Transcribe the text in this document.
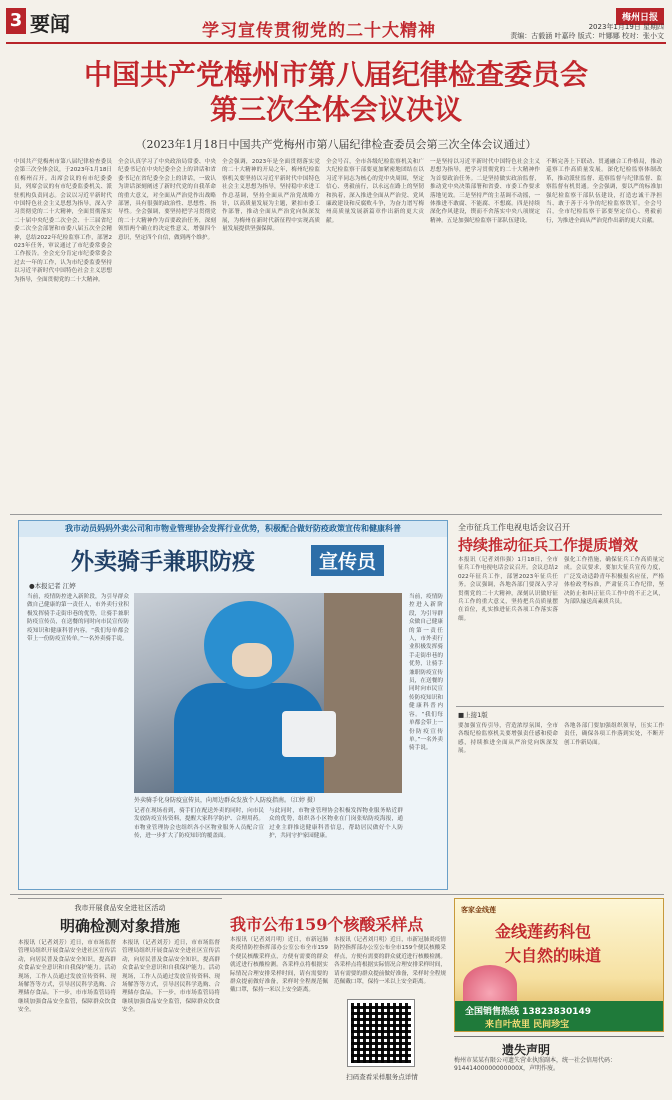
3 要闻	学习宣传贯彻党的二十大精神
梅州日报
2023年1月19日 星期四
责编：古毅涵 叶嘉玲 版式：叶娜娜 校对：张小文
中国共产党梅州市第八届纪律检查委员会
第三次全体会议决议
（2023年1月18日中国共产党梅州市第八届纪律检查委员会第三次全体会议通过）
中国共产党梅州市第八届纪律检查委员会第三次全体会议，于2023年1月18日在梅州召开。出席会议的有市纪委委员，列席会议的有市纪委监委机关、派驻机构负责同志。会议以习近平新时代中国特色社会主义思想为指导，深入学习贯彻党的二十大精神，全面贯彻落实二十届中央纪委二次全会、十三届省纪委二次全会部署和市委八届五次全会精神，总结2022年纪检监察工作，部署2023年任务，审议通过了市纪委常委会工作报告。全会充分肯定市纪委常委会过去一年的工作，认为市纪委监委坚持以习近平新时代中国特色社会主义思想为指导，全面贯彻党的二十大精神。
全会认真学习了中央政治局常委、中央纪委书记在中央纪委全会上的讲话和省委书记在省纪委全会上的讲话，一致认为讲话深刻阐述了新时代党的自我革命的重大意义，对全面从严治党作出战略部署，具有很强的政治性、思想性、指导性。全会强调，要坚持把学习贯彻党的二十大精神作为首要政治任务，深刻领悟两个确立的决定性意义，增强四个意识，坚定四个自信，做到两个维护。
全会强调，2023年是全面贯彻落实党的二十大精神的开局之年，梅州纪检监察机关要坚持以习近平新时代中国特色社会主义思想为指导，坚持稳中求进工作总基调，坚持全面从严治党战略方针，以高质量发展为主题，紧扣市委工作部署，推动全面从严治党向纵深发展，为梅州在新时代新征程中实现高质量发展提供坚强保障。
全会号召，全市各级纪检监察机关和广大纪检监察干部要更加紧密地团结在以习近平同志为核心的党中央周围，坚定信心、勇毅前行，以永远在路上的坚韧和执着，深入推进全面从严治党、党风廉政建设和反腐败斗争，为奋力谱写梅州高质量发展新篇章作出新的更大贡献。
一是坚持以习近平新时代中国特色社会主义思想为指导，把学习贯彻党的二十大精神作为首要政治任务。二是坚持做实政治监督，推动党中央决策部署和省委、市委工作要求落地见效。三是坚持严的主基调不动摇，一体推进不敢腐、不能腐、不想腐。四是持续深化作风建设，锲而不舍落实中央八项规定精神。五是加强纪检监察干部队伍建设。
不断完善上下联动、贯通融合工作格局，推动巡察工作高质量发展。深化纪检监察体制改革，推动派驻监督、巡察监督与纪律监督、监察监督有机贯通。全会强调，要以严的标准加强纪检监察干部队伍建设，打造忠诚干净担当、敢于善于斗争的纪检监察铁军。全会号召，全市纪检监察干部要坚定信心、勇毅前行，为推进全面从严治党作出新的更大贡献。
我市动员妈妈外卖公司和市物业管理协会发挥行业优势，积极配合做好防疫政策宣传和健康科普
外卖骑手兼职防疫	宣传员
●本报记者 江婷
当前，疫情防控进入新阶段，为引导群众做自己健康的第一责任人，市外卖行业积极发挥骑手走街串巷的优势，让骑手兼职防疫宣传员，在送餐的同时向市民宣传防疫知识和健康科普内容。“我们每单都会带上一份防疫宣传单。”一名外卖骑手说。
外卖骑手化身防疫宣传员，向周边群众发放个人防疫指南。（江婷 摄）
记者在现场看到，骑手们在配送外卖的同时，向市民发放防疫宣传资料，提醒大家科学防护、合理用药。市物业管理协会也组织各小区物业服务人员配合宣传，进一步扩大了防疫知识的覆盖面。
与此同时，市物业管理协会积极发挥物业服务贴近群众的优势，组织各小区物业在门岗张贴防疫海报，通过业主群推送健康科普信息，帮助居民做好个人防护，共同守护家园健康。
当前，疫情防控进入新阶段，为引导群众做自己健康的第一责任人，市外卖行业积极发挥骑手走街串巷的优势，让骑手兼职防疫宣传员，在送餐的同时向市民宣传防疫知识和健康科普内容。“我们每单都会带上一份防疫宣传单。”一名外卖骑手说。
全市征兵工作电视电话会议召开
持续推动征兵工作提质增效
本报讯（记者刘伟强）1月18日，全市征兵工作电视电话会议召开。会议总结2022年征兵工作，部署2023年征兵任务。会议强调，各地各部门要深入学习贯彻党的二十大精神，深刻认识做好征兵工作的重大意义，坚持把兵员质量摆在首位，扎实推进征兵各项工作落实落细。
强化工作措施，确保征兵工作高质量完成。会议要求，要加大征兵宣传力度，广泛发动适龄青年积极报名应征，严格体检政考标准，严肃征兵工作纪律，坚决防止和纠正征兵工作中的不正之风，为部队输送高素质兵员。
■上接1版
要加强宣传引导，营造浓厚氛围，全市各级纪检监察机关要增强责任感和使命感，持续推进全面从严治党向纵深发展。
各地各部门要加强组织领导，压实工作责任，确保各项工作落到实处，不断开创工作新局面。
我市开展食品安全进社区活动
明确检测对象措施
本报讯（记者刘芳）近日，市市场监督管理局组织开展食品安全进社区宣传活动，向居民普及食品安全知识，提高群众食品安全意识和自我保护能力。活动现场，工作人员通过发放宣传资料、现场解答等方式，引导居民科学选购、合理储存食品。下一步，市市场监管局将继续加强食品安全监管，保障群众饮食安全。
本报讯（记者刘芳）近日，市市场监督管理局组织开展食品安全进社区宣传活动，向居民普及食品安全知识，提高群众食品安全意识和自我保护能力。活动现场，工作人员通过发放宣传资料、现场解答等方式，引导居民科学选购、合理储存食品。下一步，市市场监管局将继续加强食品安全监管，保障群众饮食安全。
我市公布159个核酸采样点
本报讯（记者刘月明）近日，市新冠肺炎疫情防控指挥部办公室公布全市159个便民核酸采样点，方便有需要的群众就近进行核酸检测。各采样点将根据实际情况合理安排采样时间，请有需要的群众提前做好准备，采样时全程规范佩戴口罩，保持一米以上安全距离。
本报讯（记者刘月明）近日，市新冠肺炎疫情防控指挥部办公室公布全市159个便民核酸采样点，方便有需要的群众就近进行核酸检测。各采样点将根据实际情况合理安排采样时间，请有需要的群众提前做好准备，采样时全程规范佩戴口罩，保持一米以上安全距离。
扫码查看采样服务点详情
客家金线莲
金线莲药科包
大自然的味道
全国销售热线 13823830149
来自叶故里 民间珍宝
遗失声明
梅州市某某有限公司遗失营业执照副本，统一社会信用代码：91441400000000000X，声明作废。
